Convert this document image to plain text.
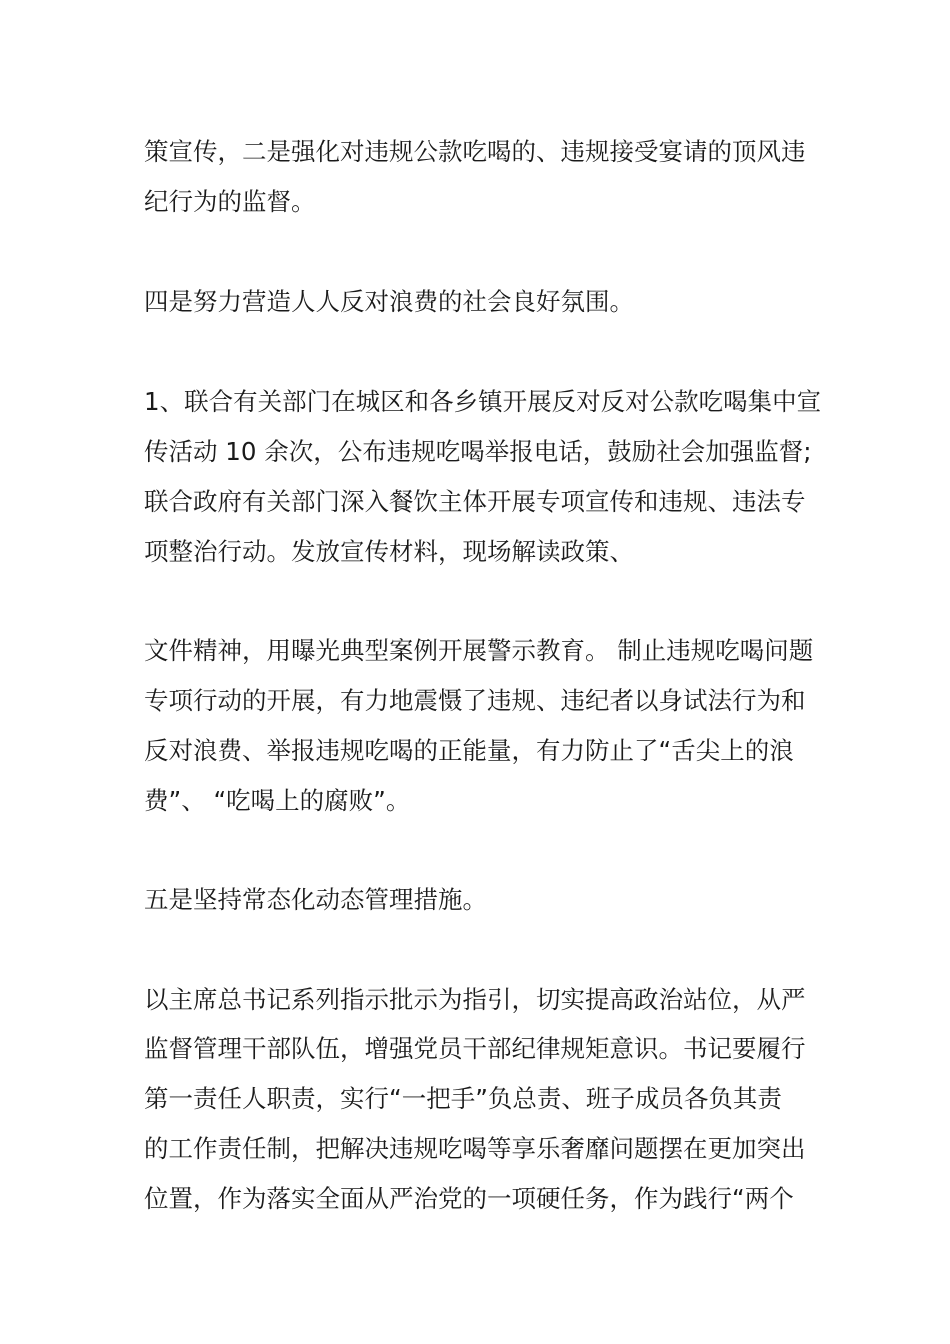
策宣传，二是强化对违规公款吃喝的、违规接受宴请的顶风违
纪行为的监督。
四是努力营造人人反对浪费的社会良好氛围。
1、联合有关部门在城区和各乡镇开展反对反对公款吃喝集中宣
传活动 10 余次，公布违规吃喝举报电话，鼓励社会加强监督;
联合政府有关部门深入餐饮主体开展专项宣传和违规、违法专
项整治行动。发放宣传材料，现场解读政策、
文件精神，用曝光典型案例开展警示教育。 制止违规吃喝问题
专项行动的开展，有力地震慑了违规、违纪者以身试法行为和
反对浪费、举报违规吃喝的正能量，有力防止了“舌尖上的浪
费”、 “吃喝上的腐败”。
五是坚持常态化动态管理措施。
以主席总书记系列指示批示为指引，切实提高政治站位，从严
监督管理干部队伍，增强党员干部纪律规矩意识。书记要履行
第一责任人职责，实行“一把手”负总责、班子成员各负其责
的工作责任制，把解决违规吃喝等享乐奢靡问题摆在更加突出
位置，作为落实全面从严治党的一项硬任务，作为践行“两个
